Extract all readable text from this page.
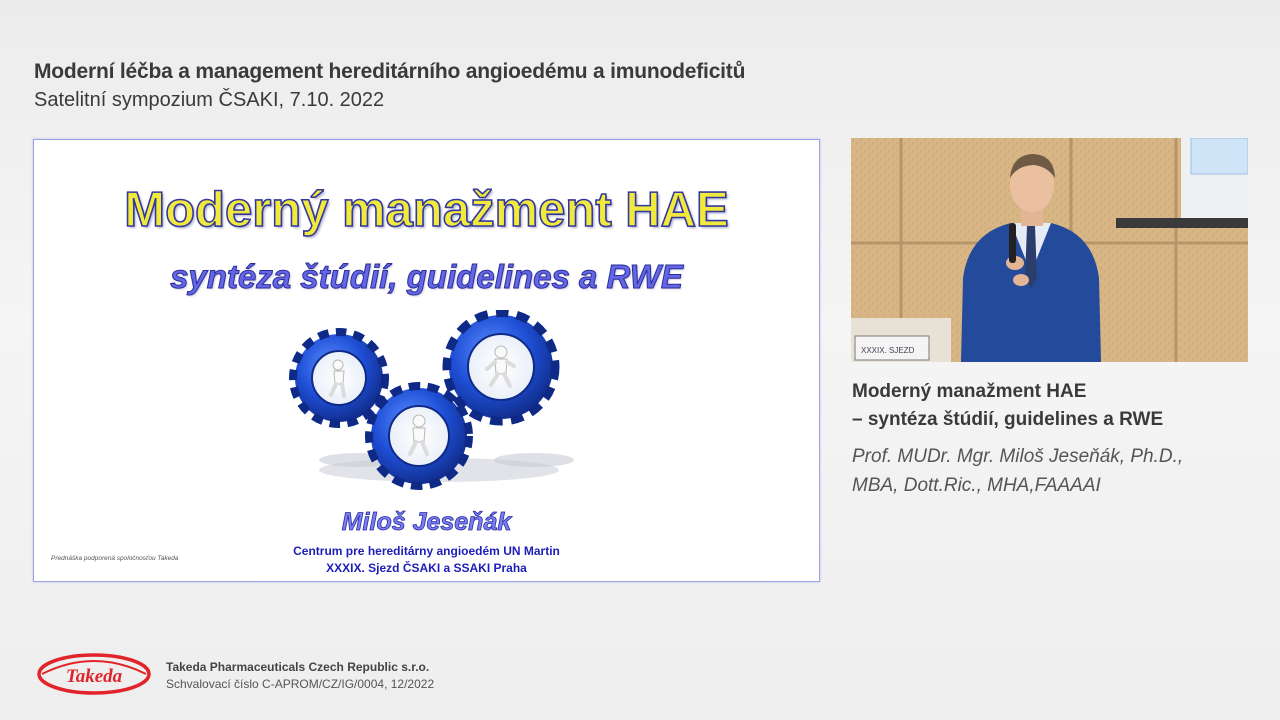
Moderní léčba a management hereditárního angioedému a imunodeficitů
Satelitní sympozium ČSAKI, 7.10. 2022
Moderný manažment HAE
syntéza štúdií, guidelines a RWE
Miloš Jeseňák
Centrum pre hereditárny angioedém UN Martin
XXXIX. Sjezd ČSAKI a SSAKI Praha
Prednáška podporená spoločnosťou Takeda
XXXIX. SJEZD
Moderný manažment HAE
– syntéza štúdií, guidelines a RWE
Prof. MUDr. Mgr. Miloš Jeseňák, Ph.D.,
MBA, Dott.Ric., MHA,FAAAAI
Takeda	Takeda Pharmaceuticals Czech Republic s.r.o.
Schvalovací číslo C-APROM/CZ/IG/0004, 12/2022
